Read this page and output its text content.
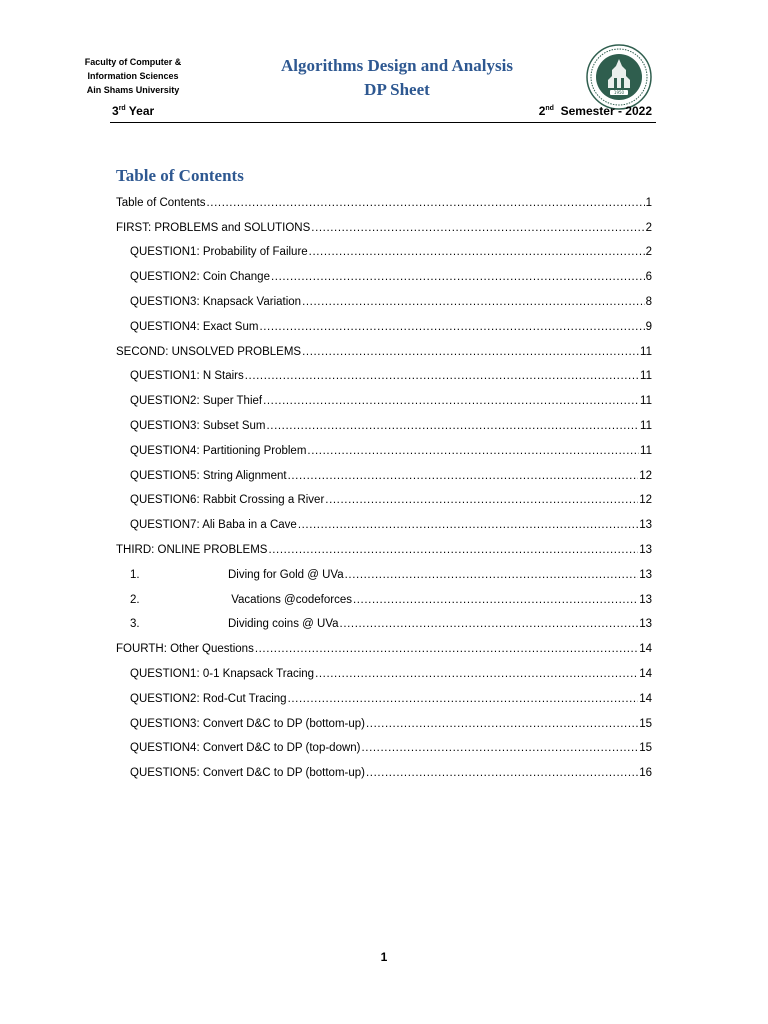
Faculty of Computer &
Information Sciences
Ain Shams University
Algorithms Design and Analysis
DP Sheet	1950
3rd Year	2nd  Semester - 2022
Table of Contents
Table of Contents .....	1
FIRST: PROBLEMS and SOLUTIONS .....	2
QUESTION1: Probability of Failure .....	2
QUESTION2: Coin Change .....	6
QUESTION3: Knapsack Variation .....	8
QUESTION4: Exact Sum .....	9
SECOND: UNSOLVED PROBLEMS .....	11
QUESTION1: N Stairs .....	11
QUESTION2: Super Thief .....	11
QUESTION3: Subset Sum .....	11
QUESTION4: Partitioning Problem .....	11
QUESTION5: String Alignment .....	12
QUESTION6: Rabbit Crossing a River .....	12
QUESTION7: Ali Baba in a Cave .....	13
THIRD: ONLINE PROBLEMS .....	13
1.	Diving for Gold @ UVa .....	13
2.	Vacations @codeforces .....	13
3.	Dividing coins @ UVa .....	13
FOURTH: Other Questions .....	14
QUESTION1: 0-1 Knapsack Tracing .....	14
QUESTION2: Rod-Cut Tracing .....	14
QUESTION3: Convert D&C to DP (bottom-up) .....	15
QUESTION4: Convert D&C to DP (top-down) .....	15
QUESTION5: Convert D&C to DP (bottom-up) .....	16
1
